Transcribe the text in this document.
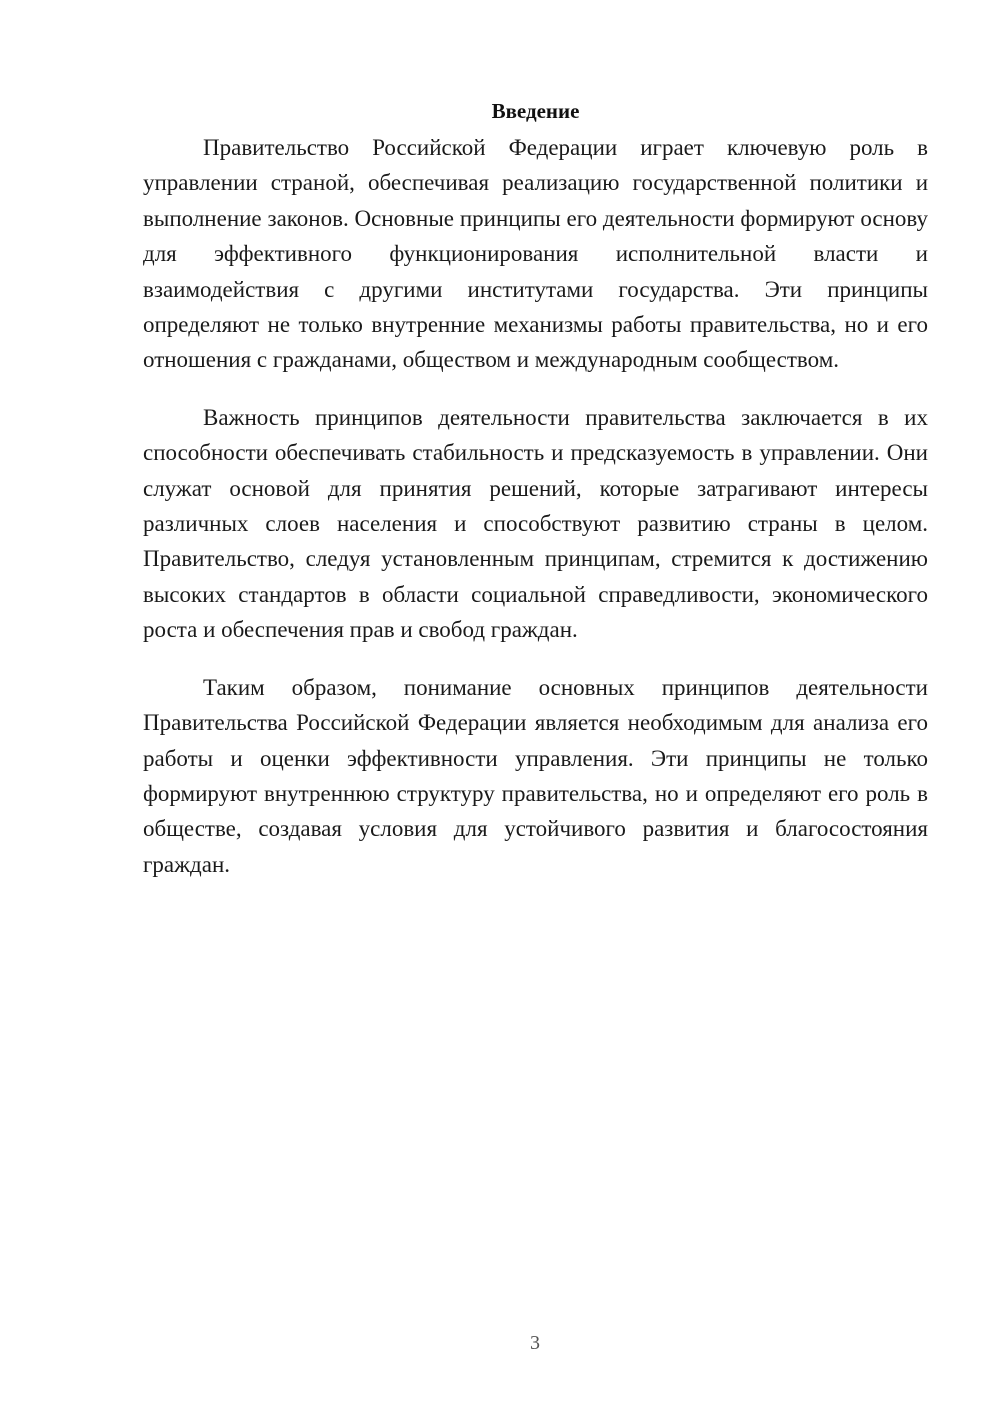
Введение

Правительство Российской Федерации играет ключевую роль в управлении страной, обеспечивая реализацию государственной политики и выполнение законов. Основные принципы его деятельности формируют основу для эффективного функционирования исполнительной власти и взаимодействия с другими институтами государства. Эти принципы определяют не только внутренние механизмы работы правительства, но и его отношения с гражданами, обществом и международным сообществом.

Важность принципов деятельности правительства заключается в их способности обеспечивать стабильность и предсказуемость в управлении. Они служат основой для принятия решений, которые затрагивают интересы различных слоев населения и способствуют развитию страны в целом. Правительство, следуя установленным принципам, стремится к достижению высоких стандартов в области социальной справедливости, экономического роста и обеспечения прав и свобод граждан.

Таким образом, понимание основных принципов деятельности Правительства Российской Федерации является необходимым для анализа его работы и оценки эффективности управления. Эти принципы не только формируют внутреннюю структуру правительства, но и определяют его роль в обществе, создавая условия для устойчивого развития и благосостояния граждан.

3
